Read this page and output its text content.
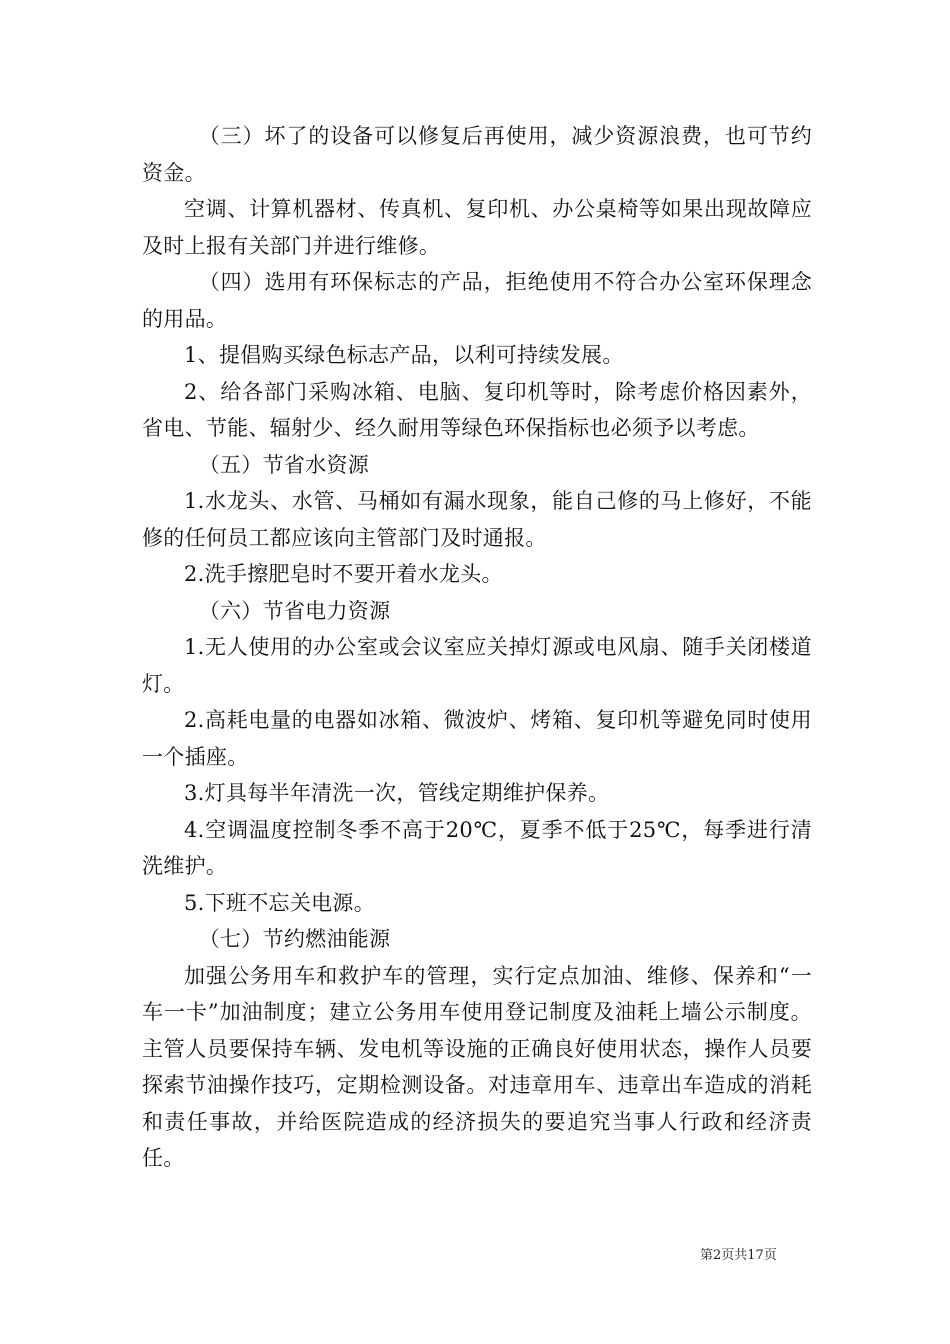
（三）坏了的设备可以修复后再使用，减少资源浪费，也可节约资金。

空调、计算机器材、传真机、复印机、办公桌椅等如果出现故障应及时上报有关部门并进行维修。

（四）选用有环保标志的产品，拒绝使用不符合办公室环保理念的用品。

1、提倡购买绿色标志产品，以利可持续发展。

2、给各部门采购冰箱、电脑、复印机等时，除考虑价格因素外，省电、节能、辐射少、经久耐用等绿色环保指标也必须予以考虑。

（五）节省水资源

1.水龙头、水管、马桶如有漏水现象，能自己修的马上修好，不能修的任何员工都应该向主管部门及时通报。

2.洗手擦肥皂时不要开着水龙头。

（六）节省电力资源

1.无人使用的办公室或会议室应关掉灯源或电风扇、随手关闭楼道灯。

2.高耗电量的电器如冰箱、微波炉、烤箱、复印机等避免同时使用一个插座。

3.灯具每半年清洗一次，管线定期维护保养。

4.空调温度控制冬季不高于20℃，夏季不低于25℃，每季进行清洗维护。

5.下班不忘关电源。

（七）节约燃油能源

加强公务用车和救护车的管理，实行定点加油、维修、保养和“一车一卡”加油制度；建立公务用车使用登记制度及油耗上墙公示制度。主管人员要保持车辆、发电机等设施的正确良好使用状态，操作人员要探索节油操作技巧，定期检测设备。对违章用车、违章出车造成的消耗和责任事故，并给医院造成的经济损失的要追究当事人行政和经济责任。

第2页共17页
